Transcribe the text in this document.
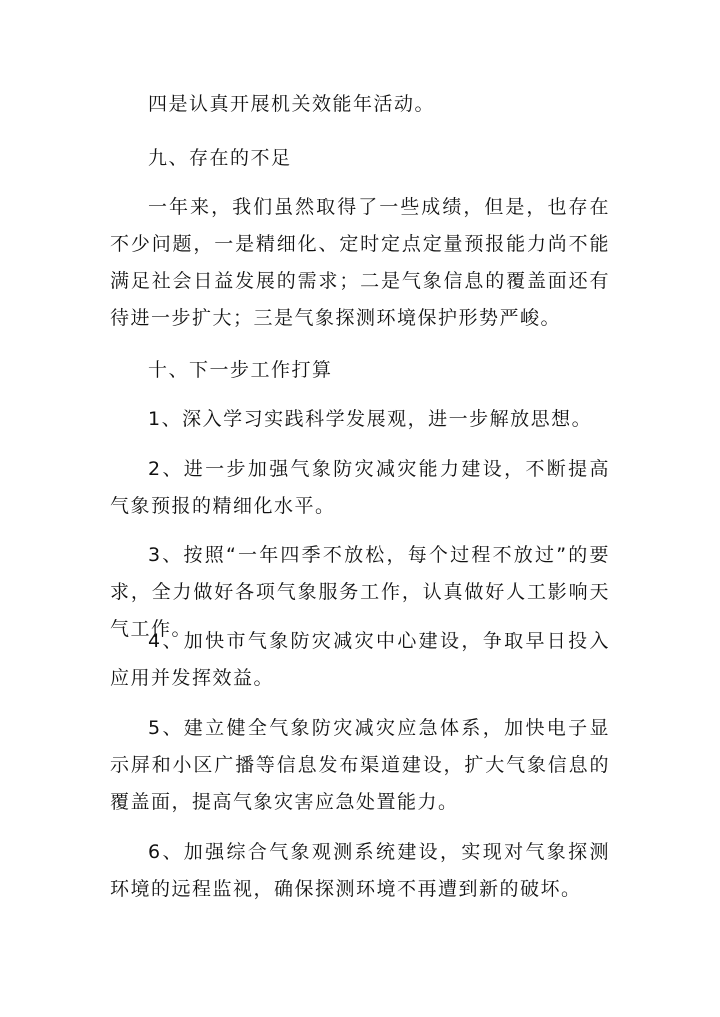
四是认真开展机关效能年活动。

九、存在的不足

一年来，我们虽然取得了一些成绩，但是，也存在不少问题，一是精细化、定时定点定量预报能力尚不能满足社会日益发展的需求；二是气象信息的覆盖面还有待进一步扩大；三是气象探测环境保护形势严峻。

十、下一步工作打算

1、深入学习实践科学发展观，进一步解放思想。

2、进一步加强气象防灾减灾能力建设，不断提高气象预报的精细化水平。

3、按照“一年四季不放松，每个过程不放过”的要求，全力做好各项气象服务工作，认真做好人工影响天气工作。

4、加快市气象防灾减灾中心建设，争取早日投入应用并发挥效益。

5、建立健全气象防灾减灾应急体系，加快电子显示屏和小区广播等信息发布渠道建设，扩大气象信息的覆盖面，提高气象灾害应急处置能力。

6、加强综合气象观测系统建设，实现对气象探测环境的远程监视，确保探测环境不再遭到新的破坏。
